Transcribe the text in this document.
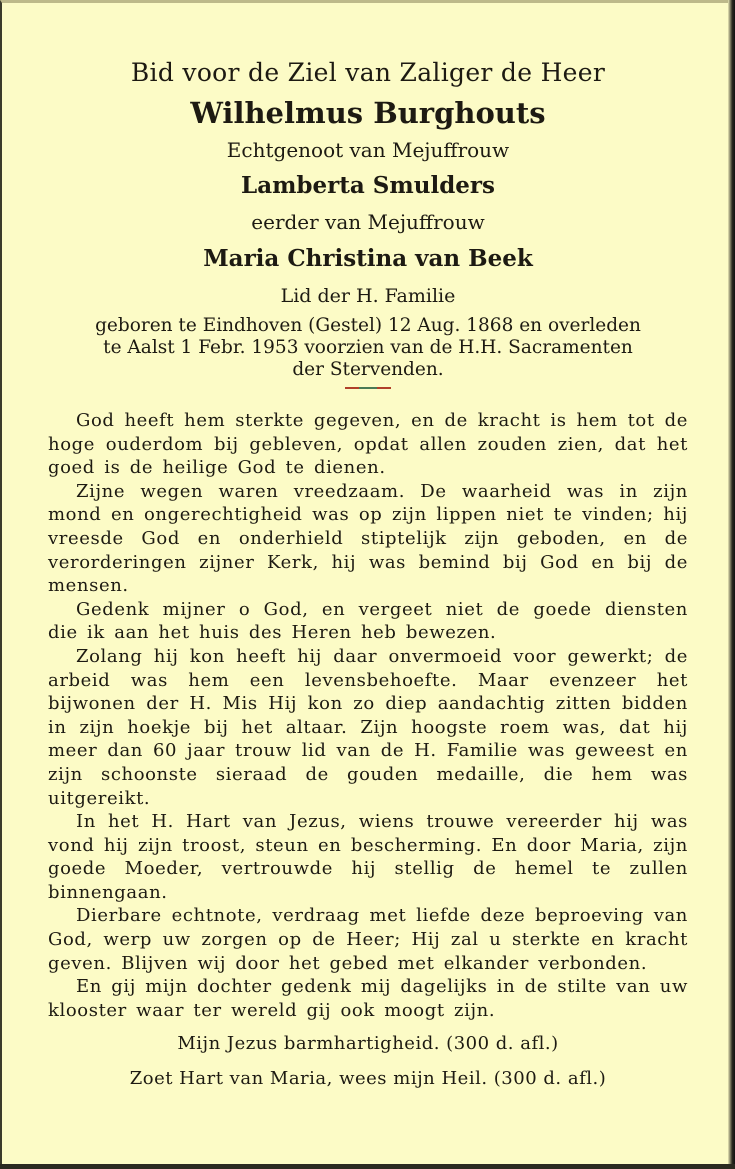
Bid voor de Ziel van Zaliger de Heer
Wilhelmus Burghouts
Echtgenoot van Mejuffrouw
Lamberta Smulders
eerder van Mejuffrouw
Maria Christina van Beek
Lid der H. Familie
geboren te Eindhoven (Gestel) 12 Aug. 1868 en overleden
te Aalst 1 Febr. 1953 voorzien van de H.H. Sacramenten
der Stervenden.

God heeft hem sterkte gegeven, en de kracht is hem tot de hoge ouderdom bij gebleven, opdat allen zouden zien, dat het goed is de heilige God te dienen.

Zijne wegen waren vreedzaam. De waarheid was in zijn mond en ongerechtigheid was op zijn lippen niet te vinden; hij vreesde God en onderhield stiptelijk zijn geboden, en de verorderingen zijner Kerk, hij was bemind bij God en bij de mensen.

Gedenk mijner o God, en vergeet niet de goede diensten die ik aan het huis des Heren heb bewezen.

Zolang hij kon heeft hij daar onvermoeid voor gewerkt; de arbeid was hem een levensbehoefte. Maar evenzeer het bijwonen der H. Mis Hij kon zo diep aandachtig zitten bidden in zijn hoekje bij het altaar. Zijn hoogste roem was, dat hij meer dan 60 jaar trouw lid van de H. Familie was geweest en zijn schoonste sieraad de gouden medaille, die hem was uitgereikt.

In het H. Hart van Jezus, wiens trouwe vereerder hij was vond hij zijn troost, steun en bescherming. En door Maria, zijn goede Moeder, vertrouwde hij stellig de hemel te zullen binnengaan.

Dierbare echtnote, verdraag met liefde deze beproeving van God, werp uw zorgen op de Heer; Hij zal u sterkte en kracht geven. Blijven wij door het gebed met elkander verbonden.

En gij mijn dochter gedenk mij dagelijks in de stilte van uw klooster waar ter wereld gij ook moogt zijn.

Mijn Jezus barmhartigheid. (300 d. afl.)
Zoet Hart van Maria, wees mijn Heil. (300 d. afl.)
